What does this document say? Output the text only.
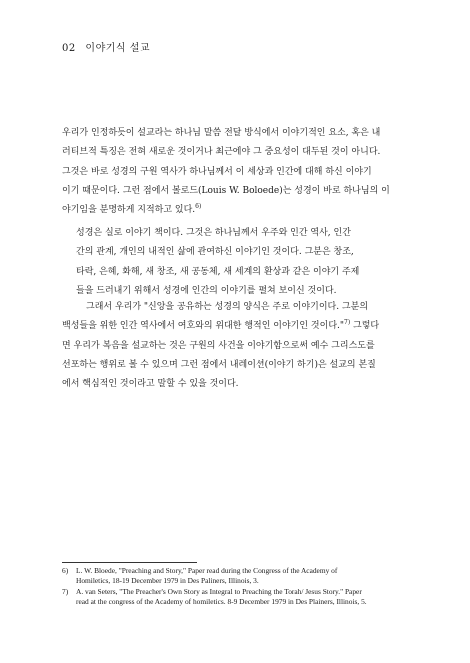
02 이야기식 설교
우리가 인정하듯이 설교라는 하나님 말씀 전달 방식에서 이야기적인 요소, 혹은 내
러티브적 특징은 전혀 새로운 것이거나 최근에야 그 중요성이 대두된 것이 아니다.
그것은 바로 성경의 구원 역사가 하나님께서 이 세상과 인간에 대해 하신 이야기
이기 때문이다. 그런 점에서 볼로드(Louis W. Boloede)는 성경이 바로 하나님의 이
야기임을 분명하게 지적하고 있다.$^{6)}$
성경은 실로 이야기 책이다. 그것은 하나님께서 우주와 인간 역사, 인간
간의 관계, 개인의 내적인 삶에 관여하신 이야기인 것이다. 그분은 창조,
타락, 은혜, 화해, 새 창조, 새 공동체, 새 세계의 환상과 같은 이야기 주제
들을 드러내기 위해서 성경에 인간의 이야기를 펼쳐 보이신 것이다.
그래서 우리가 "신앙을 공유하는 성경의 양식은 주로 이야기이다. 그분의
백성들을 위한 인간 역사에서 여호와의 위대한 행적인 이야기인 것이다."$^{7)}$ 그렇다
면 우리가 복음을 설교하는 것은 구원의 사건을 이야기함으로써 예수 그리스도를
선포하는 행위로 볼 수 있으며 그런 점에서 내레이션(이야기 하기)은 설교의 본질
에서 핵심적인 것이라고 말할 수 있을 것이다.
6)	L. W. Bloede, "Preaching and Story," Paper read during the Congress of the Academy of
Homiletics, 18-19 December 1979 in Des Paliners, Illinois, 3.
7)	A. van Seters, "The Preacher's Own Story as Integral to Preaching the Torah/ Jesus Story." Paper
read at the congress of the Academy of homiletics. 8-9 December 1979 in Des Plainers, Illinois, 5.
